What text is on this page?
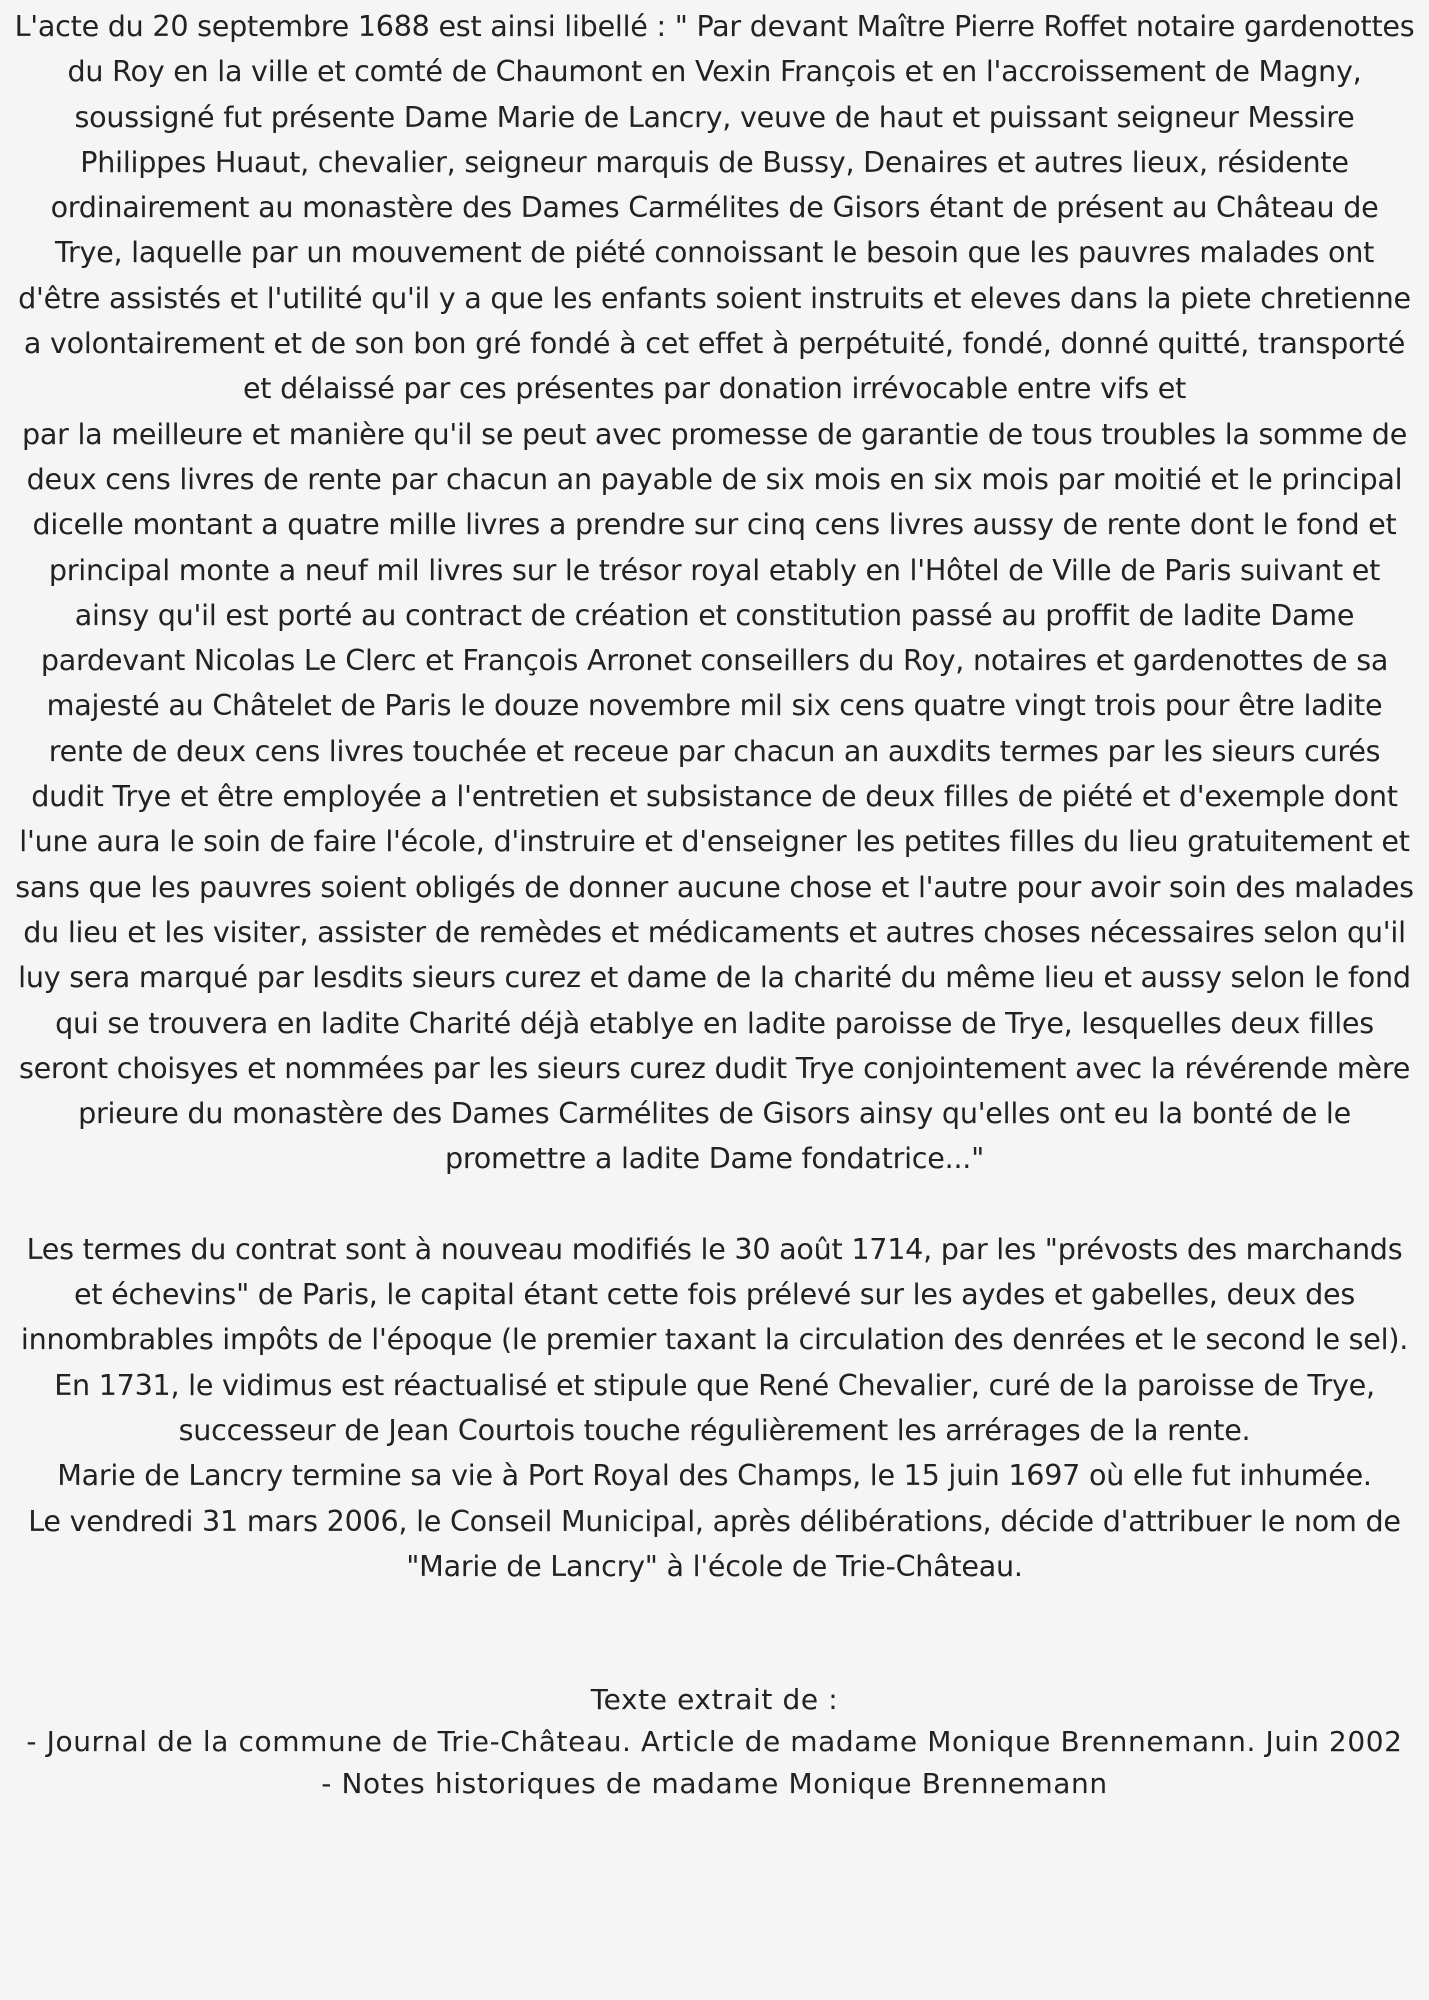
L'acte du 20 septembre 1688 est ainsi libellé : " Par devant Maître Pierre Roffet notaire gardenottes du Roy en la ville et comté de Chaumont en Vexin François et en l'accroissement de Magny, soussigné fut présente Dame Marie de Lancry, veuve de haut et puissant seigneur Messire Philippes Huaut, chevalier, seigneur marquis de Bussy, Denaires et autres lieux, résidente ordinairement au monastère des Dames Carmélites de Gisors étant de présent au Château de Trye, laquelle par un mouvement de piété connoissant le besoin que les pauvres malades ont d'être assistés et l'utilité qu'il y a que les enfants soient instruits et eleves dans la piete chretienne a volontairement et de son bon gré fondé à cet effet à perpétuité, fondé, donné quitté, transporté et délaissé par ces présentes par donation irrévocable entre vifs et

par la meilleure et manière qu'il se peut avec promesse de garantie de tous troubles la somme de deux cens livres de rente par chacun an payable de six mois en six mois par moitié et le principal dicelle montant a quatre mille livres a prendre sur cinq cens livres aussy de rente dont le fond et principal monte a neuf mil livres sur le trésor royal etably en l'Hôtel de Ville de Paris suivant et ainsy qu'il est porté au contract de création et constitution passé au proffit de ladite Dame pardevant Nicolas Le Clerc et François Arronet conseillers du Roy, notaires et gardenottes de sa majesté au Châtelet de Paris le douze novembre mil six cens quatre vingt trois pour être ladite rente de deux cens livres touchée et receue par chacun an auxdits termes par les sieurs curés dudit Trye et être employée a l'entretien et subsistance de deux filles de piété et d'exemple dont l'une aura le soin de faire l'école, d'instruire et d'enseigner les petites filles du lieu gratuitement et sans que les pauvres soient obligés de donner aucune chose et l'autre pour avoir soin des malades du lieu et les visiter, assister de remèdes et médicaments et autres choses nécessaires selon qu'il luy sera marqué par lesdits sieurs curez et dame de la charité du même lieu et aussy selon le fond qui se trouvera en ladite Charité déjà etablye en ladite paroisse de Trye, lesquelles deux filles seront choisyes et nommées par les sieurs curez dudit Trye conjointement avec la révérende mère prieure du monastère des Dames Carmélites de Gisors ainsy qu'elles ont eu la bonté de le promettre a ladite Dame fondatrice..."

Les termes du contrat sont à nouveau modifiés le 30 août 1714, par les "prévosts des marchands et échevins" de Paris, le capital étant cette fois prélevé sur les aydes et gabelles, deux des innombrables impôts de l'époque (le premier taxant la circulation des denrées et le second le sel). En 1731, le vidimus est réactualisé et stipule que René Chevalier, curé de la paroisse de Trye, successeur de Jean Courtois touche régulièrement les arrérages de la rente.

Marie de Lancry termine sa vie à Port Royal des Champs, le 15 juin 1697 où elle fut inhumée.

Le vendredi 31 mars 2006, le Conseil Municipal, après délibérations, décide d'attribuer le nom de "Marie de Lancry" à l'école de Trie-Château.

Texte extrait de :

- Journal de la commune de Trie-Château. Article de madame Monique Brennemann. Juin 2002

- Notes historiques de madame Monique Brennemann
